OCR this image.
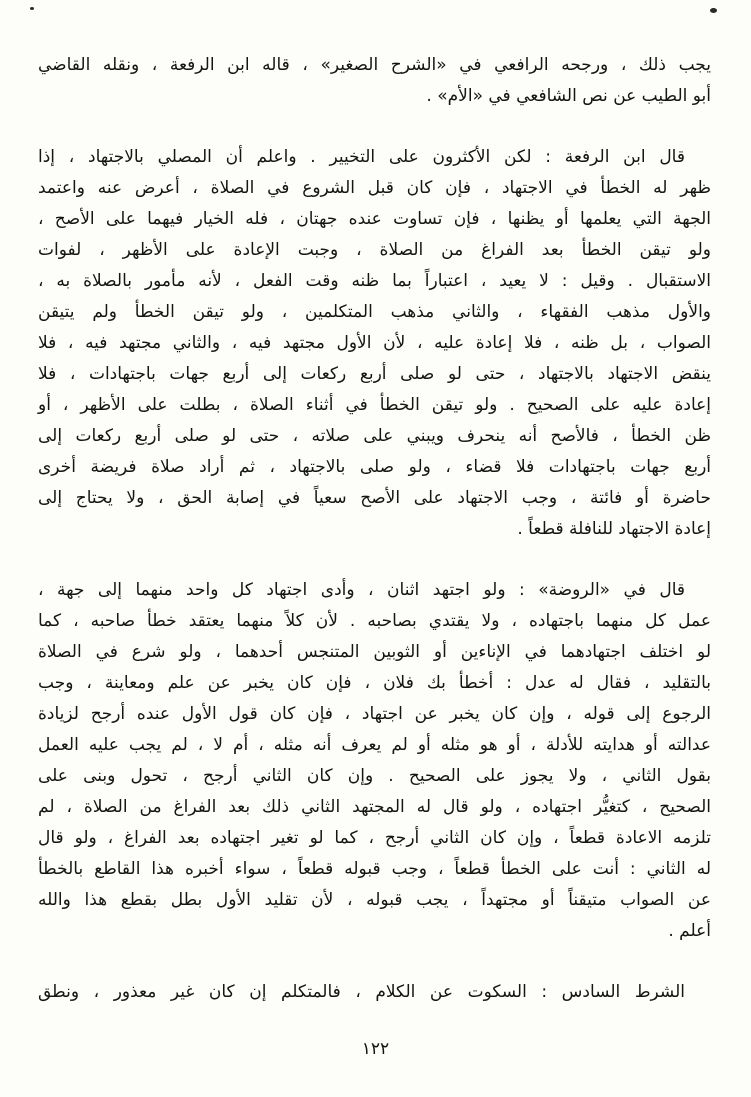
يجب ذلك ، ورجحه الرافعي في «الشرح الصغير» ، قاله ابن الرفعة ، ونقله القاضي
أبو الطيب عن نص الشافعي في «الأم» .

قال ابن الرفعة : لكن الأكثرون على التخيير . واعلم أن المصلي بالاجتهاد ، إذا
ظهر له الخطأ في الاجتهاد ، فإن كان قبل الشروع في الصلاة ، أعرض عنه واعتمد
الجهة التي يعلمها أو يظنها ، فإن تساوت عنده جهتان ، فله الخيار فيهما على الأصح ،
ولو تيقن الخطأ بعد الفراغ من الصلاة ، وجبت الإعادة على الأظهر ، لفوات
الاستقبال . وقيل : لا يعيد ، اعتباراً بما ظنه وقت الفعل ، لأنه مأمور بالصلاة به ،
والأول مذهب الفقهاء ، والثاني مذهب المتكلمين ، ولو تيقن الخطأ ولم يتيقن
الصواب ، بل ظنه ، فلا إعادة عليه ، لأن الأول مجتهد فيه ، والثاني مجتهد فيه ، فلا
ينقض الاجتهاد بالاجتهاد ، حتى لو صلى أربع ركعات إلى أربع جهات باجتهادات ، فلا
إعادة عليه على الصحيح . ولو تيقن الخطأ في أثناء الصلاة ، بطلت على الأظهر ، أو
ظن الخطأ ، فالأصح أنه ينحرف ويبني على صلاته ، حتى لو صلى أربع ركعات إلى
أربع جهات باجتهادات فلا قضاء ، ولو صلى بالاجتهاد ، ثم أراد صلاة فريضة أخرى
حاضرة أو فائتة ، وجب الاجتهاد على الأصح سعياً في إصابة الحق ، ولا يحتاج إلى
إعادة الاجتهاد للنافلة قطعاً .

قال في «الروضة» : ولو اجتهد اثنان ، وأدى اجتهاد كل واحد منهما إلى جهة ،
عمل كل منهما باجتهاده ، ولا يقتدي بصاحبه . لأن كلاً منهما يعتقد خطأ صاحبه ، كما
لو اختلف اجتهادهما في الإناءين أو الثوبين المتنجس أحدهما ، ولو شرع في الصلاة
بالتقليد ، فقال له عدل : أخطأ بك فلان ، فإن كان يخبر عن علم ومعاينة ، وجب
الرجوع إلى قوله ، وإن كان يخبر عن اجتهاد ، فإن كان قول الأول عنده أرجح لزيادة
عدالته أو هدايته للأدلة ، أو هو مثله أو لم يعرف أنه مثله ، أم لا ، لم يجب عليه العمل
بقول الثاني ، ولا يجوز على الصحيح . وإن كان الثاني أرجح ، تحول وبنى على
الصحيح ، كتغيُّر اجتهاده ، ولو قال له المجتهد الثاني ذلك بعد الفراغ من الصلاة ، لم
تلزمه الاعادة قطعاً ، وإن كان الثاني أرجح ، كما لو تغير اجتهاده بعد الفراغ ، ولو قال
له الثاني : أنت على الخطأ قطعاً ، وجب قبوله قطعاً ، سواء أخبره هذا القاطع بالخطأ
عن الصواب متيقناً أو مجتهداً ، يجب قبوله ، لأن تقليد الأول بطل بقطع هذا والله
أعلم .

الشرط السادس : السكوت عن الكلام ، فالمتكلم إن كان غير معذور ، ونطق

١٢٢
